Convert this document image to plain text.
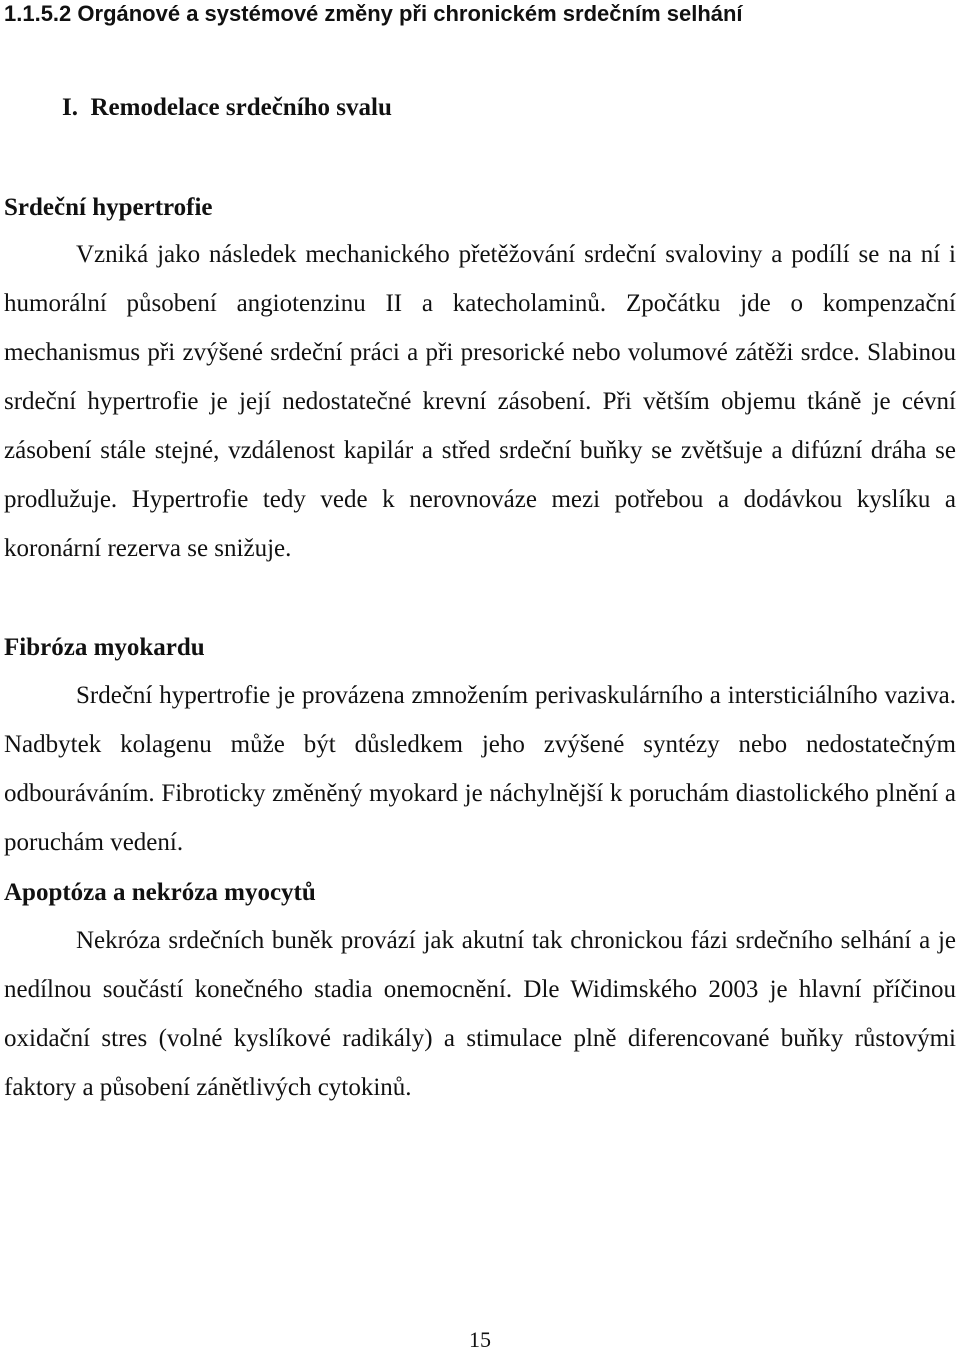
1.1.5.2 Orgánové a systémové změny při chronickém srdečním selhání
I. Remodelace srdečního svalu
Srdeční hypertrofie

Vzniká jako následek mechanického přetěžování srdeční svaloviny a podílí se na ní i humorální působení angiotenzinu II a katecholaminů. Zpočátku jde o kompenzační mechanismus při zvýšené srdeční práci a při presorické nebo volumové zátěži srdce. Slabinou srdeční hypertrofie je její nedostatečné krevní zásobení. Při větším objemu tkáně je cévní zásobení stále stejné, vzdálenost kapilár a střed srdeční buňky se zvětšuje a difúzní dráha se prodlužuje. Hypertrofie tedy vede k nerovnováze mezi potřebou a dodávkou kyslíku a koronární rezerva se snižuje.

Fibróza myokardu

Srdeční hypertrofie je provázena zmnožením perivaskulárního a intersticiálního vaziva. Nadbytek kolagenu může být důsledkem jeho zvýšené syntézy nebo nedostatečným odbouráváním. Fibroticky změněný myokard je náchylnější k poruchám diastolického plnění a poruchám vedení.

Apoptóza a nekróza myocytů

Nekróza srdečních buněk provází jak akutní tak chronickou fázi srdečního selhání a je nedílnou součástí konečného stadia onemocnění. Dle Widimského 2003 je hlavní příčinou oxidační stres (volné kyslíkové radikály) a stimulace plně diferencované buňky růstovými faktory a působení zánětlivých cytokinů.

15
